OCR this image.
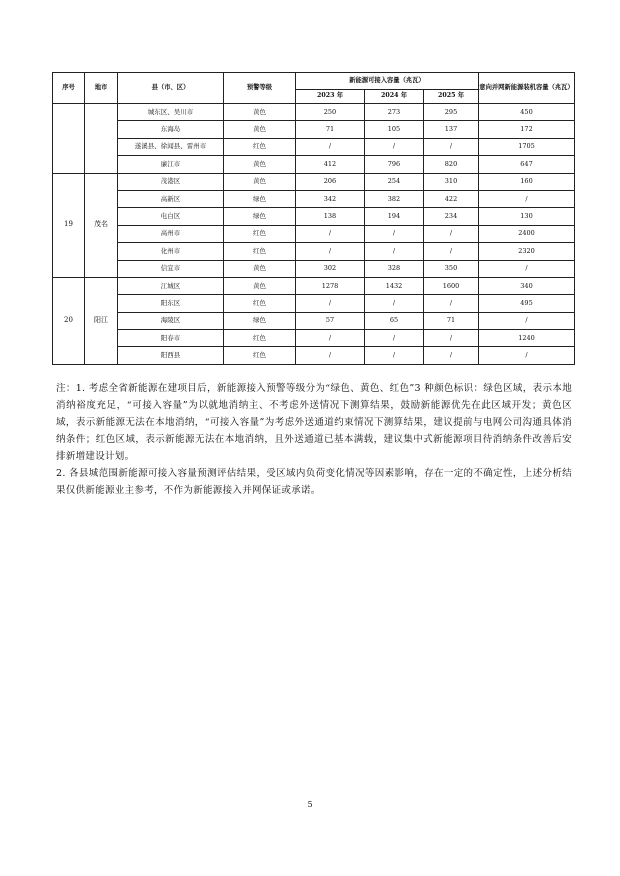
序号	地市	县（市、区）	预警等级	新能源可接入容量（兆瓦）			意向并网新能源装机容量（兆瓦）
				2023 年	2024 年	2025 年	
		城东区、吴川市	黄色	250	273	295	450
		东海岛	黄色	71	105	137	172
		遂溪县、徐闻县、雷州市	红色	/	/	/	1705
		廉江市	黄色	412	796	820	647
19	茂名	茂港区	黄色	206	254	310	160
		高新区	绿色	342	382	422	/
		电白区	绿色	138	194	234	130
		高州市	红色	/	/	/	2400
		化州市	红色	/	/	/	2320
		信宜市	黄色	302	328	350	/
20	阳江	江城区	黄色	1278	1432	1600	340
		阳东区	红色	/	/	/	495
		海陵区	绿色	57	65	71	/
		阳春市	红色	/	/	/	1240
		阳西县	红色	/	/	/	/

注：1. 考虑全省新能源在建项目后，新能源接入预警等级分为“绿色、黄色、红色”3 种颜色标识：绿色区域，表示本地消纳裕度充足，“可接入容量”为以就地消纳主、不考虑外送情况下测算结果，鼓励新能源优先在此区域开发；黄色区域，表示新能源无法在本地消纳，“可接入容量”为考虑外送通道约束情况下测算结果，建议提前与电网公司沟通具体消纳条件；红色区域，表示新能源无法在本地消纳，且外送通道已基本满载，建议集中式新能源项目待消纳条件改善后安排新增建设计划。

2. 各县城范围新能源可接入容量预测评估结果，受区域内负荷变化情况等因素影响，存在一定的不确定性，上述分析结果仅供新能源业主参考，不作为新能源接入并网保证或承诺。

5
